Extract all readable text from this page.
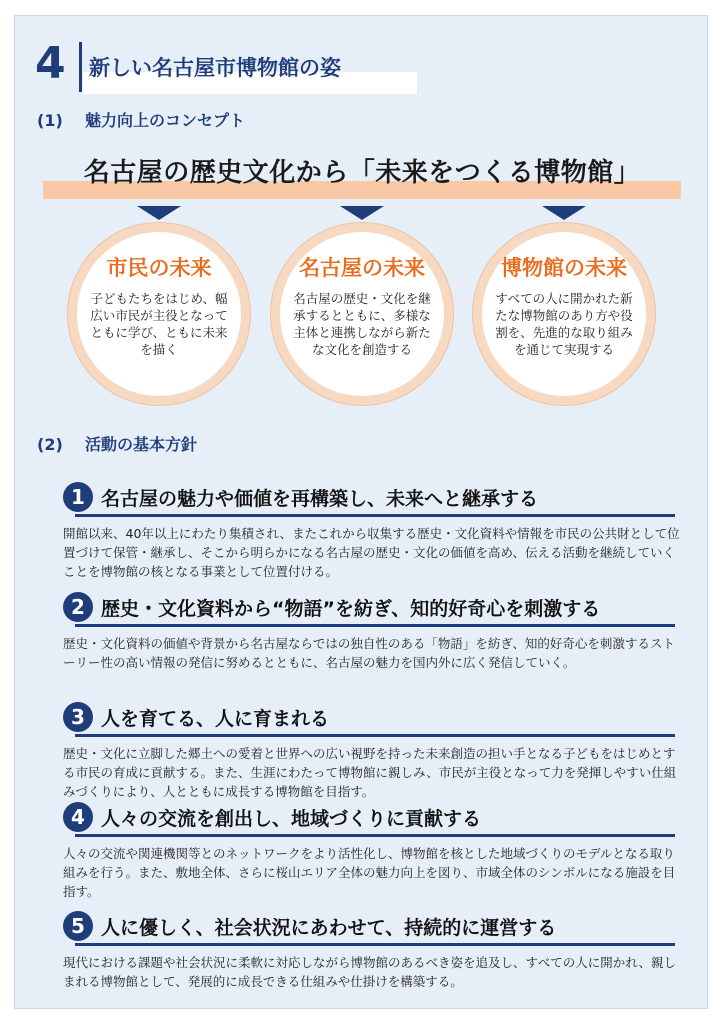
4 新しい名古屋市博物館の姿
(1) 魅力向上のコンセプト
名古屋の歴史文化から「未来をつくる博物館」
市民の未来
子どもたちをはじめ、幅広い市民が主役となってともに学び、ともに未来を描く
名古屋の未来
名古屋の歴史・文化を継承するとともに、多様な主体と連携しながら新たな文化を創造する
博物館の未来
すべての人に開かれた新たな博物館のあり方や役割を、先進的な取り組みを通じて実現する
(2) 活動の基本方針
1 名古屋の魅力や価値を再構築し、未来へと継承する
開館以来、40年以上にわたり集積され、またこれから収集する歴史・文化資料や情報を市民の公共財として位置づけて保管・継承し、そこから明らかになる名古屋の歴史・文化の価値を高め、伝える活動を継続していくことを博物館の核となる事業として位置付ける。
2 歴史・文化資料から“物語”を紡ぎ、知的好奇心を刺激する
歴史・文化資料の価値や背景から名古屋ならではの独自性のある「物語」を紡ぎ、知的好奇心を刺激するストーリー性の高い情報の発信に努めるとともに、名古屋の魅力を国内外に広く発信していく。
3 人を育てる、人に育まれる
歴史・文化に立脚した郷土への愛着と世界への広い視野を持った未来創造の担い手となる子どもをはじめとする市民の育成に貢献する。また、生涯にわたって博物館に親しみ、市民が主役となって力を発揮しやすい仕組みづくりにより、人とともに成長する博物館を目指す。
4 人々の交流を創出し、地域づくりに貢献する
人々の交流や関連機関等とのネットワークをより活性化し、博物館を核とした地域づくりのモデルとなる取り組みを行う。また、敷地全体、さらに桜山エリア全体の魅力向上を図り、市域全体のシンボルになる施設を目指す。
5 人に優しく、社会状況にあわせて、持続的に運営する
現代における課題や社会状況に柔軟に対応しながら博物館のあるべき姿を追及し、すべての人に開かれ、親しまれる博物館として、発展的に成長できる仕組みや仕掛けを構築する。
